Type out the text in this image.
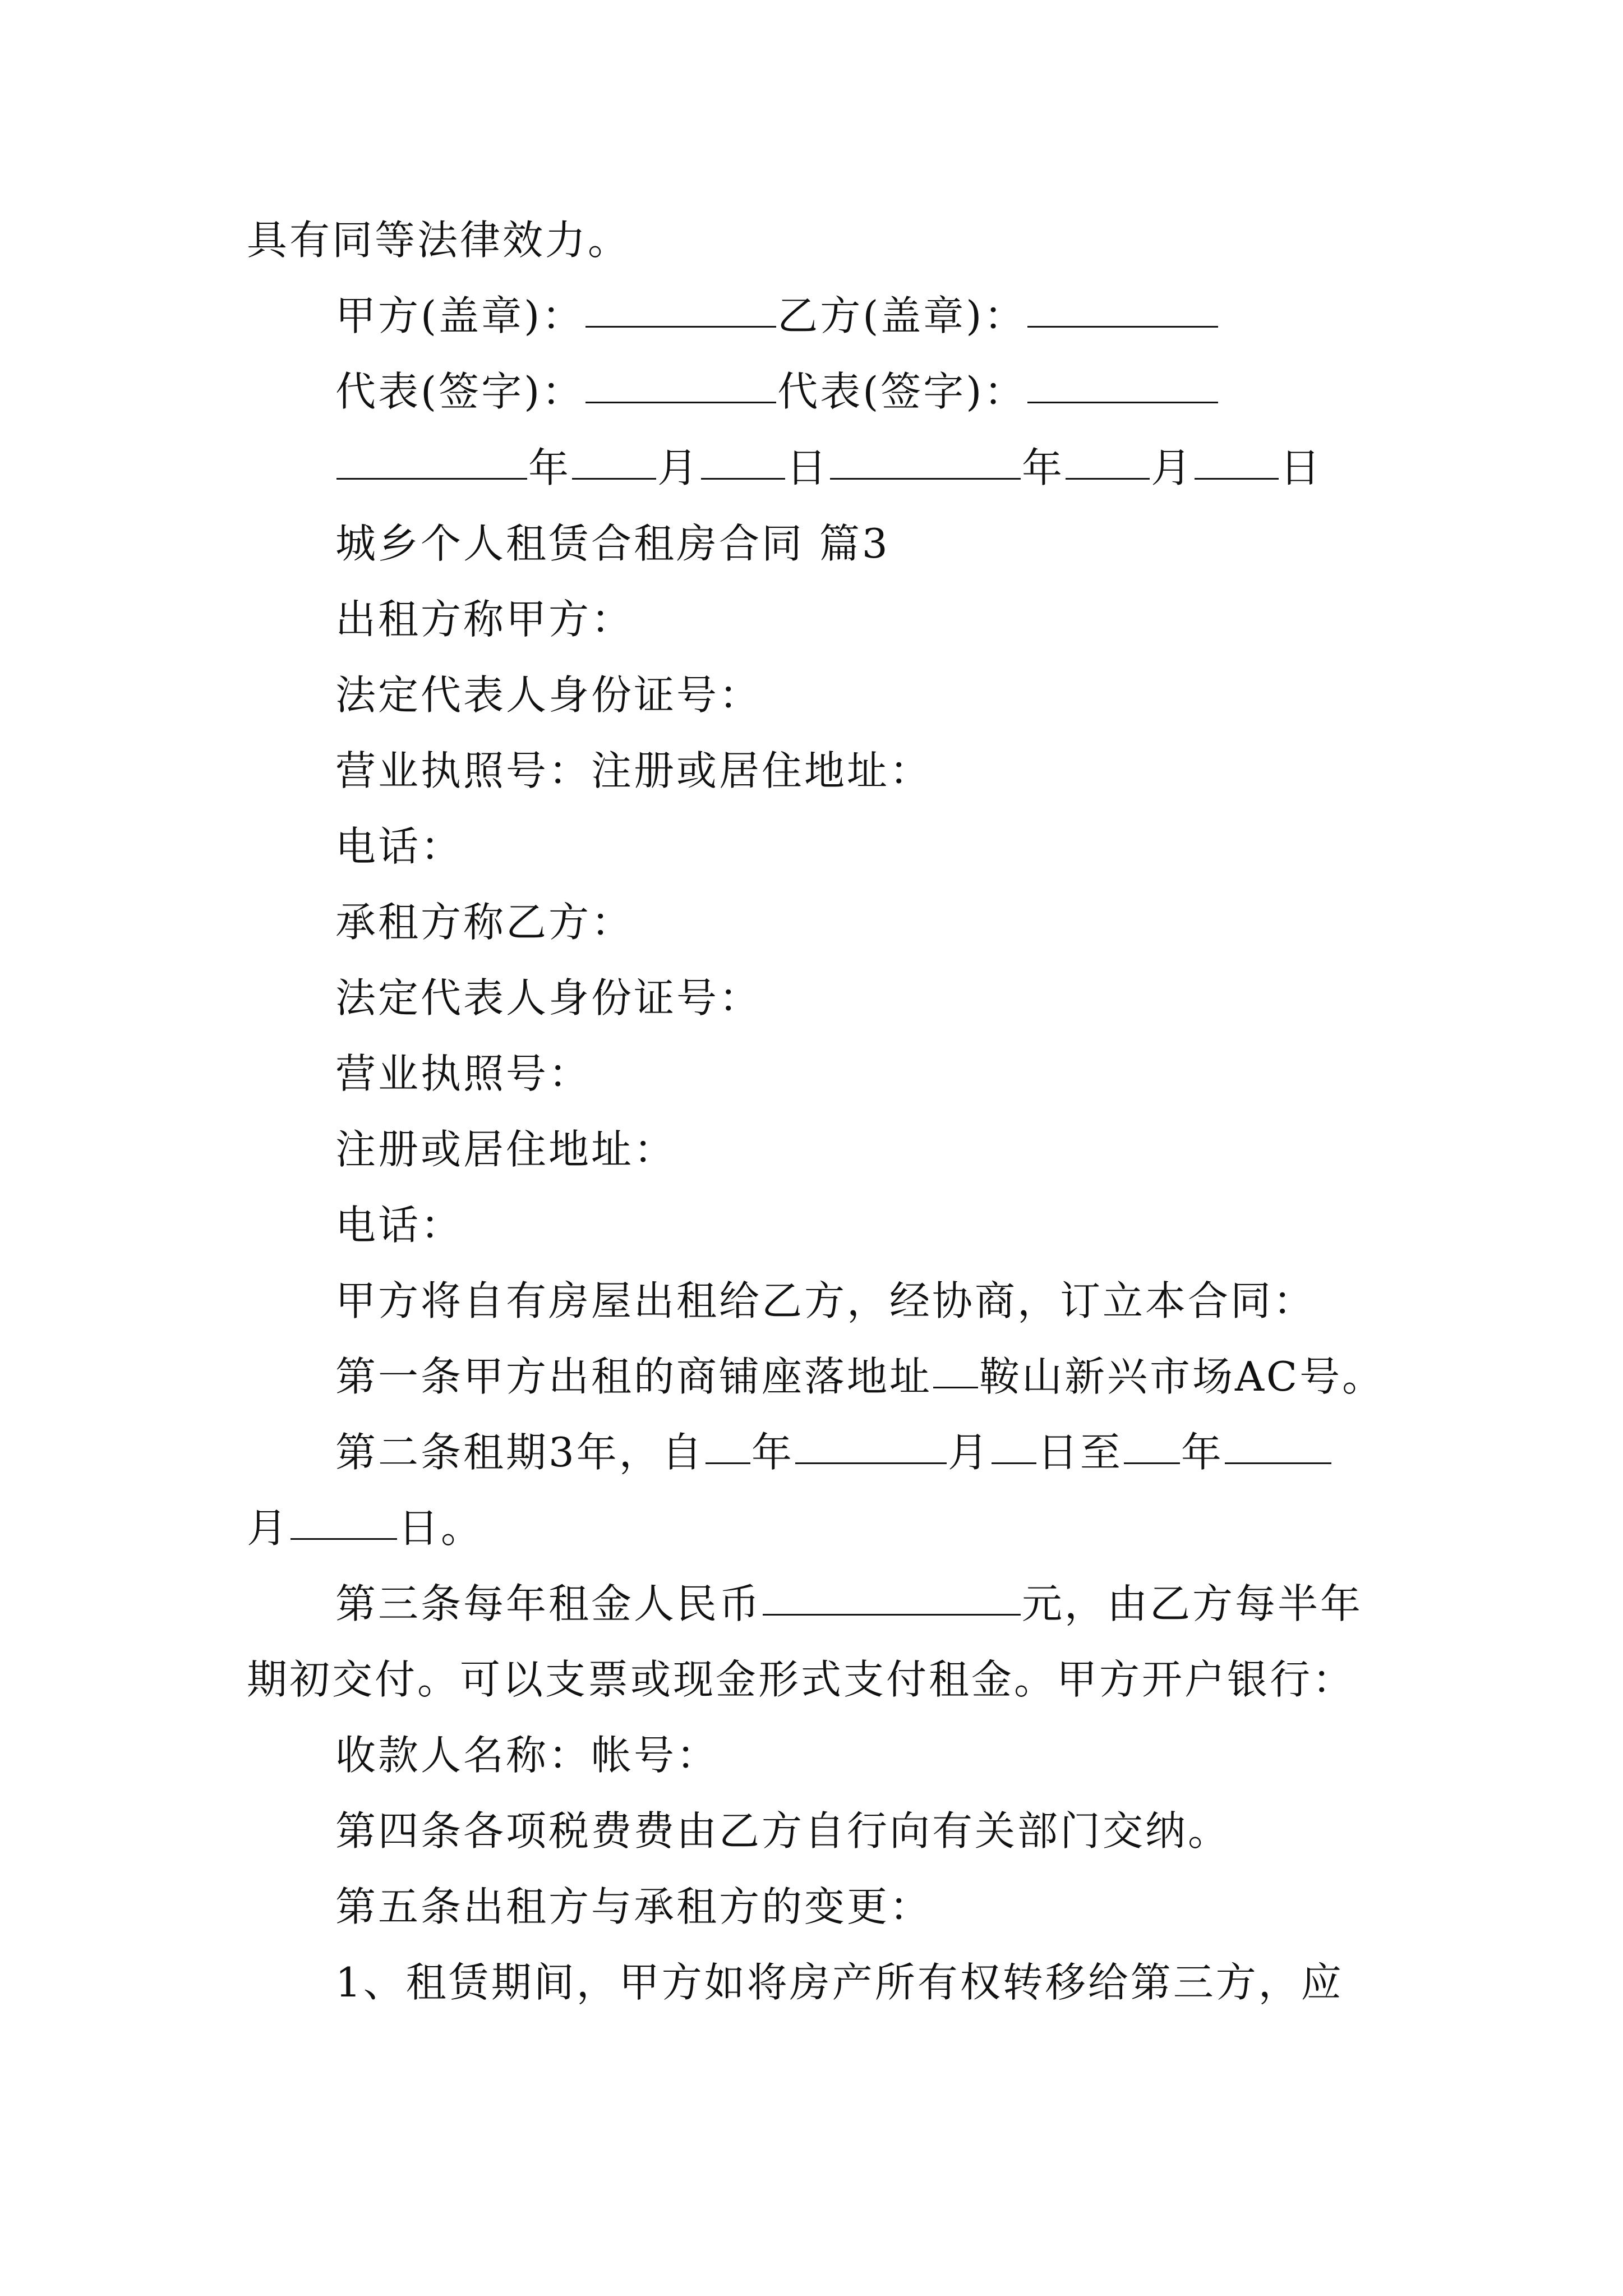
具有同等法律效力。
甲方(盖章)：	乙方(盖章)：
代表(签字)：	代表(签字)：
年 月 日	年 月 日
城乡个人租赁合租房合同 篇3
出租方称甲方：
法定代表人身份证号：
营业执照号：注册或居住地址：
电话：
承租方称乙方：
法定代表人身份证号：
营业执照号：
注册或居住地址：
电话：
甲方将自有房屋出租给乙方，经协商，订立本合同：
第一条甲方出租的商铺座落地址 鞍山新兴市场AC号。
第二条租期3年，自 年	月 日至 年
月	日。
第三条每年租金人民币	元，由乙方每半年
期初交付。可以支票或现金形式支付租金。甲方开户银行：
收款人名称：帐号：
第四条各项税费费由乙方自行向有关部门交纳。
第五条出租方与承租方的变更：
1、租赁期间，甲方如将房产所有权转移给第三方，应
